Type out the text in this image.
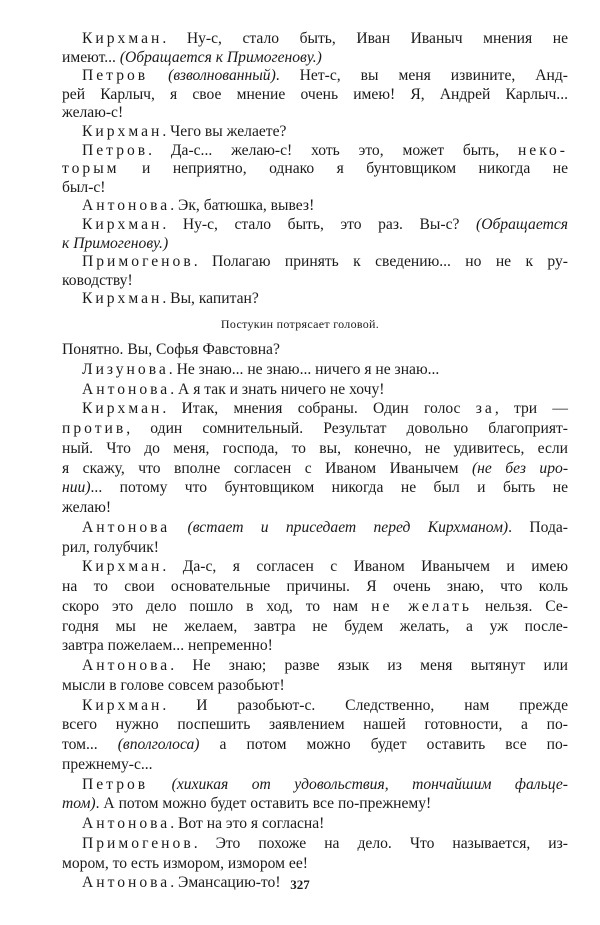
Кирхман. Ну-с, стало быть, Иван Иваныч мнения не
имеют... (Обращается к Примогенову.)
Петров (взволнованный). Нет-с, вы меня извините, Анд-
рей Карлыч, я свое мнение очень имею! Я, Андрей Карлыч...
желаю-с!
Кирхман. Чего вы желаете?
Петров. Да-с... желаю-с! хоть это, может быть, неко-
торым и неприятно, однако я бунтовщиком никогда не
был-с!
Антонова. Эк, батюшка, вывез!
Кирхман. Ну-с, стало быть, это раз. Вы-с? (Обращается
к Примогенову.)
Примогенов. Полагаю принять к сведению... но не к ру-
ководству!
Кирхман. Вы, капитан?
Постукин потрясает головой.
Понятно. Вы, Софья Фавстовна?
Лизунова. Не знаю... не знаю... ничего я не знаю...
Антонова. А я так и знать ничего не хочу!
Кирхман. Итак, мнения собраны. Один голос за, три —
против, один сомнительный. Результат довольно благоприят-
ный. Что до меня, господа, то вы, конечно, не удивитесь, если
я скажу, что вполне согласен с Иваном Иванычем (не без иро-
нии)... потому что бунтовщиком никогда не был и быть не
желаю!
Антонова (встает и приседает перед Кирхманом). Пода-
рил, голубчик!
Кирхман. Да-с, я согласен с Иваном Иванычем и имею
на то свои основательные причины. Я очень знаю, что коль
скоро это дело пошло в ход, то нам не желать нельзя. Се-
годня мы не желаем, завтра не будем желать, а уж после-
завтра пожелаем... непременно!
Антонова. Не знаю; разве язык из меня вытянут или
мысли в голове совсем разобьют!
Кирхман. И разобьют-с. Следственно, нам прежде
всего нужно поспешить заявлением нашей готовности, а по-
том... (вполголоса) а потом можно будет оставить все по-
прежнему-с...
Петров (хихикая от удовольствия, тончайшим фальце-
том). А потом можно будет оставить все по-прежнему!
Антонова. Вот на это я согласна!
Примогенов. Это похоже на дело. Что называется, из-
мором, то есть измором, измором ее!
Антонова. Эмансацию-то! 327
